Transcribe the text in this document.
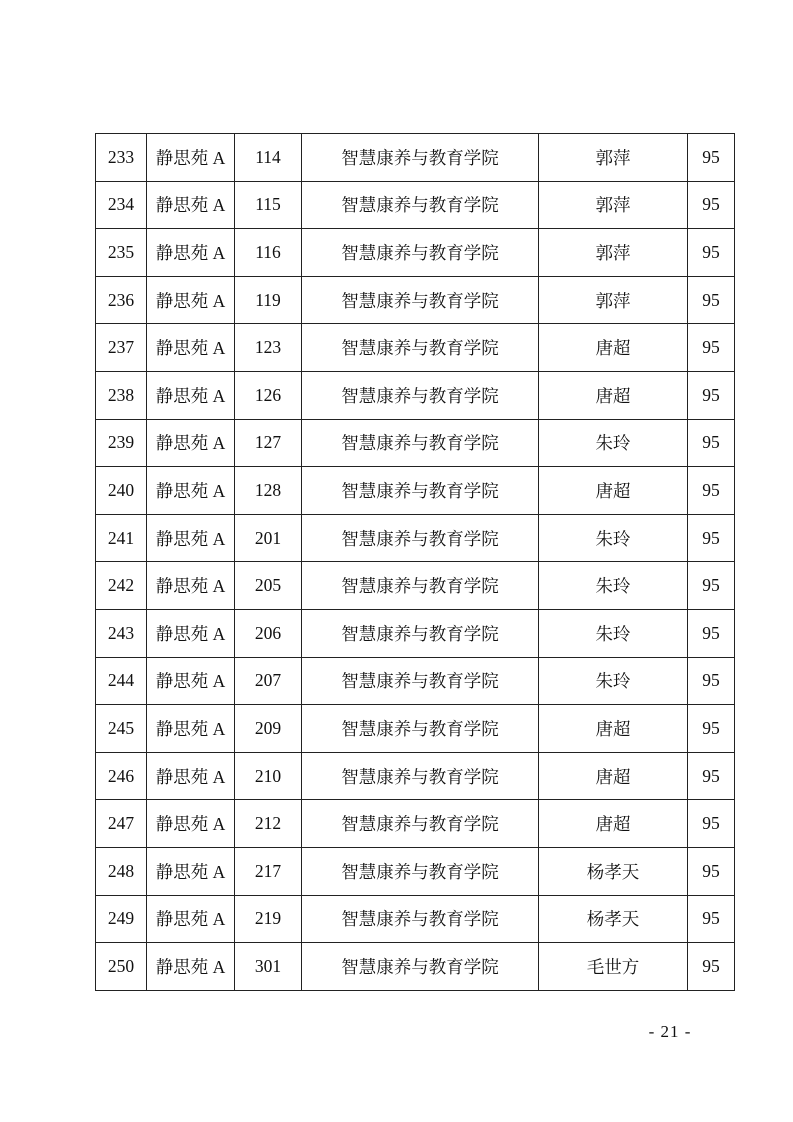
233	静思苑 A	114	智慧康养与教育学院	郭萍	95
234	静思苑 A	115	智慧康养与教育学院	郭萍	95
235	静思苑 A	116	智慧康养与教育学院	郭萍	95
236	静思苑 A	119	智慧康养与教育学院	郭萍	95
237	静思苑 A	123	智慧康养与教育学院	唐超	95
238	静思苑 A	126	智慧康养与教育学院	唐超	95
239	静思苑 A	127	智慧康养与教育学院	朱玲	95
240	静思苑 A	128	智慧康养与教育学院	唐超	95
241	静思苑 A	201	智慧康养与教育学院	朱玲	95
242	静思苑 A	205	智慧康养与教育学院	朱玲	95
243	静思苑 A	206	智慧康养与教育学院	朱玲	95
244	静思苑 A	207	智慧康养与教育学院	朱玲	95
245	静思苑 A	209	智慧康养与教育学院	唐超	95
246	静思苑 A	210	智慧康养与教育学院	唐超	95
247	静思苑 A	212	智慧康养与教育学院	唐超	95
248	静思苑 A	217	智慧康养与教育学院	杨孝天	95
249	静思苑 A	219	智慧康养与教育学院	杨孝天	95
250	静思苑 A	301	智慧康养与教育学院	毛世方	95
- 21 -
